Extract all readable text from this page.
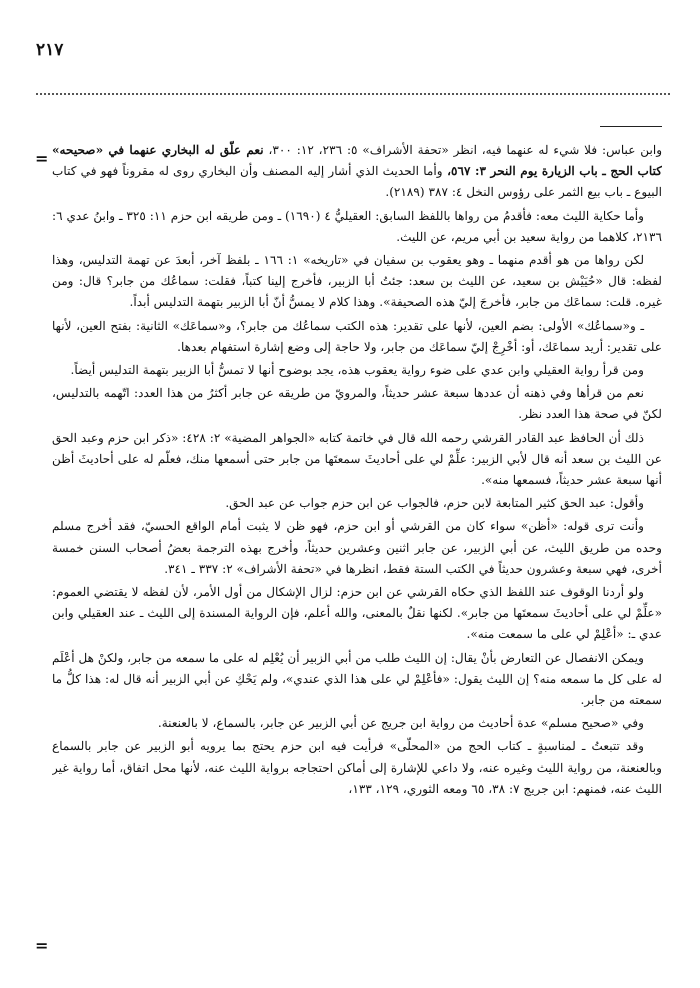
٢١٧
=	وابن عباس: فلا شيء له عنهما فيه، انظر «تحفة الأشراف» ٥: ٢٣٦، ١٢: ٣٠٠، نعم علّق له البخاري عنهما في «صحيحه» كتاب الحج ـ باب الزيارة يوم النحر ٣: ٥٦٧، وأما الحديث الذي أشار إليه المصنف وأن البخاري روى له مقروناً فهو في كتاب البيوع ـ باب بيع الثمر على رؤوس النخل ٤: ٣٨٧ (٢١٨٩).

وأما حكاية الليث معه: فأقدمُ من رواها باللفظ السابق: العقيليُّ ٤ (١٦٩٠) ـ ومن طريقه ابن حزم ١١: ٣٢٥ ـ وابنُ عدي ٦: ٢١٣٦، كلاهما من رواية سعيد بن أبي مريم، عن الليث.

لكن رواها من هو أقدم منهما ـ وهو يعقوب بن سفيان في «تاريخه» ١: ١٦٦ ـ بلفظ آخر، أبعدَ عن تهمة التدليس، وهذا لفظه: قال «حُيَيْش بن سعيد، عن الليث بن سعد: جئتُ أبا الزبير، فأخرج إلينا كتباً، فقلت: سماعُك من جابر؟ قال: ومن غيره. قلت: سماعَك من جابر، فأخرجَ إليّ هذه الصحيفة». وهذا كلام لا يمسُّ أنّ أبا الزبير بتهمة التدليس أبداً.

ـ و«سماعُك» الأولى: بضم العين، لأنها على تقدير: هذه الكتب سماعُك من جابر؟، و«سماعَك» الثانية: بفتح العين، لأنها على تقدير: أريد سماعَك، أو: أخْرِجْ إليّ سماعَك من جابر، ولا حاجة إلى وضع إشارة استفهام بعدها.

ومن قرأ رواية العقيلي وابن عدي على ضوء رواية يعقوب هذه، يجد بوضوح أنها لا تمسُّ أبا الزبير بتهمة التدليس أيضاً.

نعم من قرأها وفي ذهنه أن عددها سبعة عشر حديثاً، والمرويّ من طريقه عن جابر أكثرُ من هذا العدد: اتّهمه بالتدليس، لكنّ في صحة هذا العدد نظر.

ذلك أن الحافظ عبد القادر القرشي رحمه الله قال في خاتمة كتابه «الجواهر المضية» ٢: ٤٢٨: «ذكر ابن حزم وعبد الحق عن الليث بن سعد أنه قال لأبي الزبير: علِّمْ لي على أحاديثَ سمعتَها من جابر حتى أسمعها منك، فعلّم له على أحاديثَ أظن أنها سبعة عشر حديثاً، فسمعها منه».

وأقول: عبد الحق كثير المتابعة لابن حزم، فالجواب عن ابن حزم جواب عن عبد الحق.

وأنت ترى قوله: «أظن» سواء كان من القرشي أو ابن حزم، فهو ظن لا يثبت أمام الواقع الحسيّ، فقد أخرج مسلم وحده من طريق الليث، عن أبي الزبير، عن جابر اثنين وعشرين حديثاً، وأخرج بهذه الترجمة بعضُ أصحاب السنن خمسة أخرى، فهي سبعة وعشرون حديثاً في الكتب الستة فقط، انظرها في «تحفة الأشراف» ٢: ٣٣٧ ـ ٣٤١.

ولو أردنا الوقوف عند اللفظ الذي حكاه القرشي عن ابن حزم: لزال الإشكال من أول الأمر، لأن لفظه لا يقتضي العموم: «علِّمْ لي على أحاديثَ سمعتَها من جابر». لكنها نقلٌ بالمعنى، والله أعلم، فإن الرواية المسندة إلى الليث ـ عند العقيلي وابن عدي ـ: «أعْلِمْ لي على ما سمعت منه».

ويمكن الانفصال عن التعارض بأنْ يقال: إن الليث طلب من أبي الزبير أن يُعْلِم له على ما سمعه من جابر، ولكنْ هل أعْلَم له على كل ما سمعه منه؟ إن الليث يقول: «فأعْلِمْ لي على هذا الذي عندي»، ولم يَحْكِ عن أبي الزبير أنه قال له: هذا كلُّ ما سمعته من جابر.

وفي «صحيح مسلم» عدة أحاديث من رواية ابن جريج عن أبي الزبير عن جابر، بالسماع، لا بالعنعنة.

وقد تتبعتُ ـ لمناسبةٍ ـ كتاب الحج من «المحلّى» فرأيت فيه ابن حزم يحتج بما يرويه أبو الزبير عن جابر بالسماع وبالعنعنة، من رواية الليث وغيره عنه، ولا داعي للإشارة إلى أماكن احتجاجه برواية الليث عنه، لأنها محل اتفاق، أما رواية غير الليث عنه، فمنهم: ابن جريج ٧: ٣٨، ٦٥ ومعه الثوري، ١٢٩، ١٣٣،

=
